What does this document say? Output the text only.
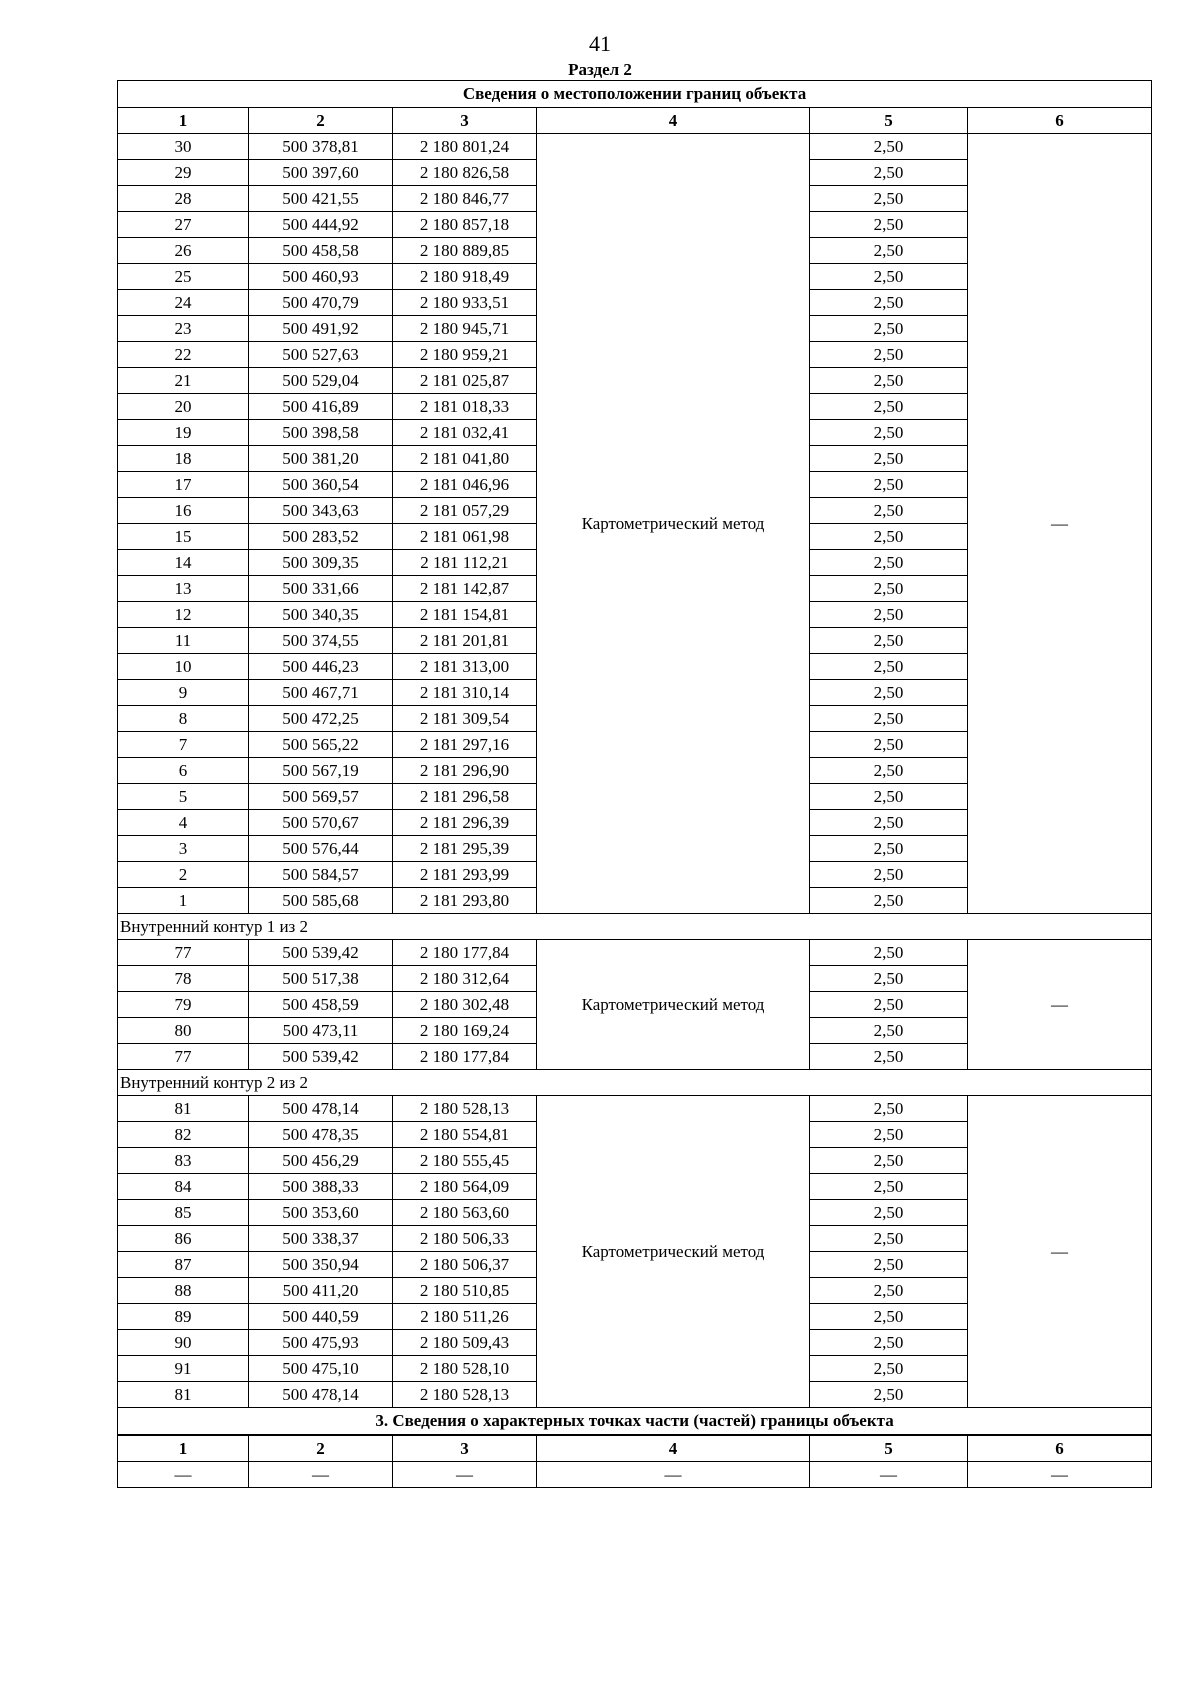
41
Раздел 2
Сведения о местоположении границ объекта					
1	2	3	4	5	6
30	500 378,81	2 180 801,24	Картометрический метод	2,50	—
29	500 397,60	2 180 826,58		2,50	
28	500 421,55	2 180 846,77		2,50	
27	500 444,92	2 180 857,18		2,50	
26	500 458,58	2 180 889,85		2,50	
25	500 460,93	2 180 918,49		2,50	
24	500 470,79	2 180 933,51		2,50	
23	500 491,92	2 180 945,71		2,50	
22	500 527,63	2 180 959,21		2,50	
21	500 529,04	2 181 025,87		2,50	
20	500 416,89	2 181 018,33		2,50	
19	500 398,58	2 181 032,41		2,50	
18	500 381,20	2 181 041,80		2,50	
17	500 360,54	2 181 046,96		2,50	
16	500 343,63	2 181 057,29		2,50	
15	500 283,52	2 181 061,98		2,50	
14	500 309,35	2 181 112,21		2,50	
13	500 331,66	2 181 142,87		2,50	
12	500 340,35	2 181 154,81		2,50	
11	500 374,55	2 181 201,81		2,50	
10	500 446,23	2 181 313,00		2,50	
9	500 467,71	2 181 310,14		2,50	
8	500 472,25	2 181 309,54		2,50	
7	500 565,22	2 181 297,16		2,50	
6	500 567,19	2 181 296,90		2,50	
5	500 569,57	2 181 296,58		2,50	
4	500 570,67	2 181 296,39		2,50	
3	500 576,44	2 181 295,39		2,50	
2	500 584,57	2 181 293,99		2,50	
1	500 585,68	2 181 293,80		2,50	
Внутренний контур 1 из 2					
77	500 539,42	2 180 177,84	Картометрический метод	2,50	—
78	500 517,38	2 180 312,64		2,50	
79	500 458,59	2 180 302,48		2,50	
80	500 473,11	2 180 169,24		2,50	
77	500 539,42	2 180 177,84		2,50	
Внутренний контур 2 из 2					
81	500 478,14	2 180 528,13	Картометрический метод	2,50	—
82	500 478,35	2 180 554,81		2,50	
83	500 456,29	2 180 555,45		2,50	
84	500 388,33	2 180 564,09		2,50	
85	500 353,60	2 180 563,60		2,50	
86	500 338,37	2 180 506,33		2,50	
87	500 350,94	2 180 506,37		2,50	
88	500 411,20	2 180 510,85		2,50	
89	500 440,59	2 180 511,26		2,50	
90	500 475,93	2 180 509,43		2,50	
91	500 475,10	2 180 528,10		2,50	
81	500 478,14	2 180 528,13		2,50	
3. Сведения о характерных точках части (частей) границы объекта					
1	2	3	4	5	6
—	—	—	—	—	—
